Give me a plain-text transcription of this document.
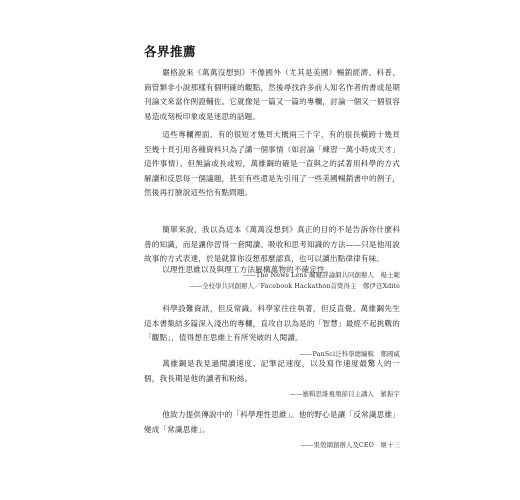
各界推薦

嚴格說來《萬萬沒想到》不像國外（尤其是美國）暢銷經濟、科普、商管類非小說那樣有個明確的觀點，然後尋找許多前人知名作者的書或是期刊論文來當作例證輔佐。它就像是一篇又一篇的專欄，討論一個又一個很容易造成刻板印象或是迷思的話題。

這些專欄裡面，有的很短才幾頁大概兩三千字，有的很長橫跨十幾頁至幾十頁引用各種資料只為了講一個事情（如討論「練習一萬小時成天才」這件事情）。但無論或長或短，萬維鋼的確是一直與之的試著用科學的方式解讀和反思每一個議題，甚至有些還是先引用了一些美國暢銷書中的例子，然後再打臉說這些恰有點問題。

簡單來說，我以為這本《萬萬沒想到》真正的目的不是告訴你什麼科普的知識，而是讓你習得一套閱讀、吸收和思考知識的方法——只是他用說故事的方式表達，於是就算你沒想那麼認真，也可以讀出點律律有味。

——The News Lens 關鍵評論網共同創辦人　楊士範

以理性思維以及與理工方法解構萬物的不確定性。

——全校學共同創辦人／Facebook Hackathon首獎得主　鄭伊廷Xdite

科學設難資訊，但反常識。科學家往往執著，但反直覺。萬維鋼先生這本書集結多篇深入淺出的專欄，直攻自以為是的「智慧」最經不起挑戰的「觀點」，值得想在思維上有所突破的人閱讀。

——PanSci泛科學總編輯　鄭國威

萬維鋼是我見過閱讀速度、記筆記速度，以及寫作速度最驚人的一個，我長期是他的讀者和粉絲。

——羅輯思維視頻節目主講人　羅振宇

他致力提供傳說中的「科學理性思維」。他的野心是讓「反常識思維」變成「常識思維」。

——果殼網創辦人及CEO　姬十三
